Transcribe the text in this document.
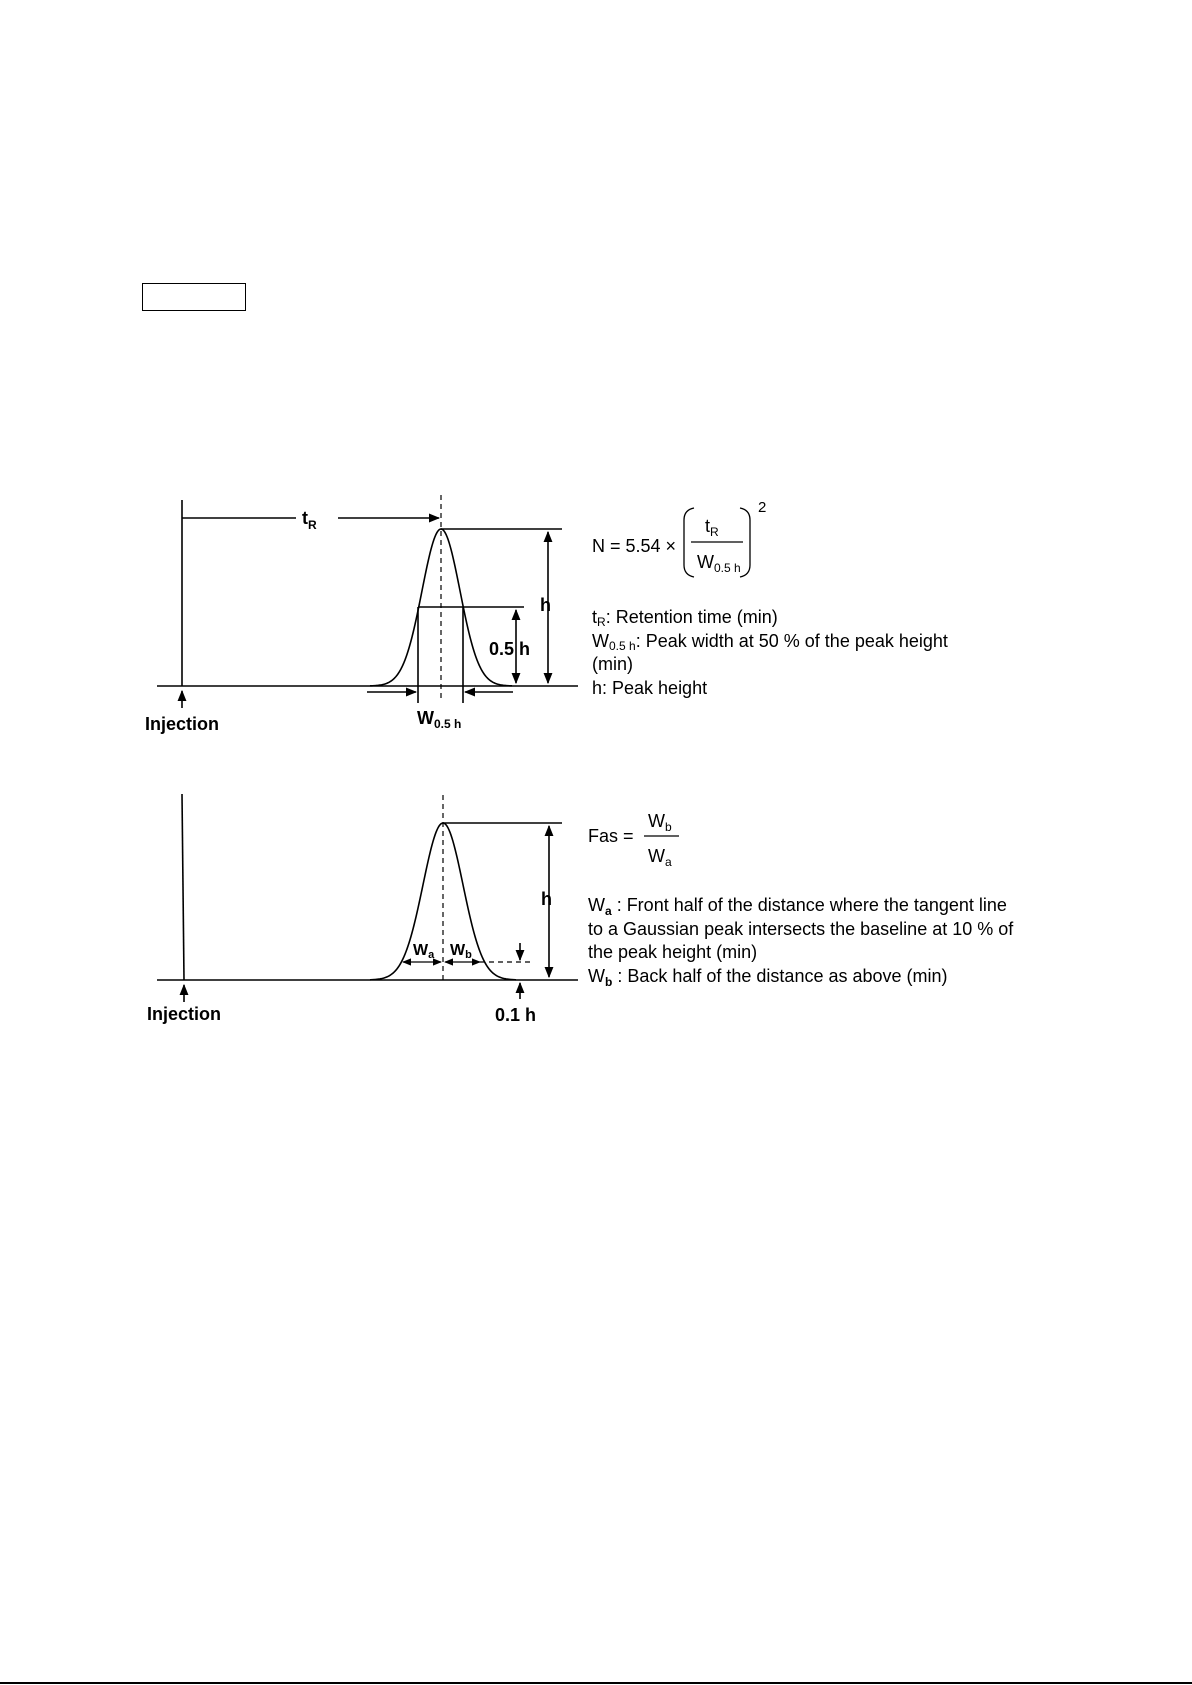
$t_R$
h
0.5 h
$W_{0.5 h}$
Injection
N = 5.54 ×
$t_R$
$W_{0.5 h}$
2
tR: Retention time (min)
W0.5 h: Peak width at 50 % of the peak height
(min)
h: Peak height
h
Wa Wb
0.1 h
Injection
Fas =
$W_b$
$W_a$
$W_a$ : Front half of the distance where the tangent line
to a Gaussian peak intersects the baseline at 10 % of
the peak height (min)
$W_b$ : Back half of the distance as above (min)
